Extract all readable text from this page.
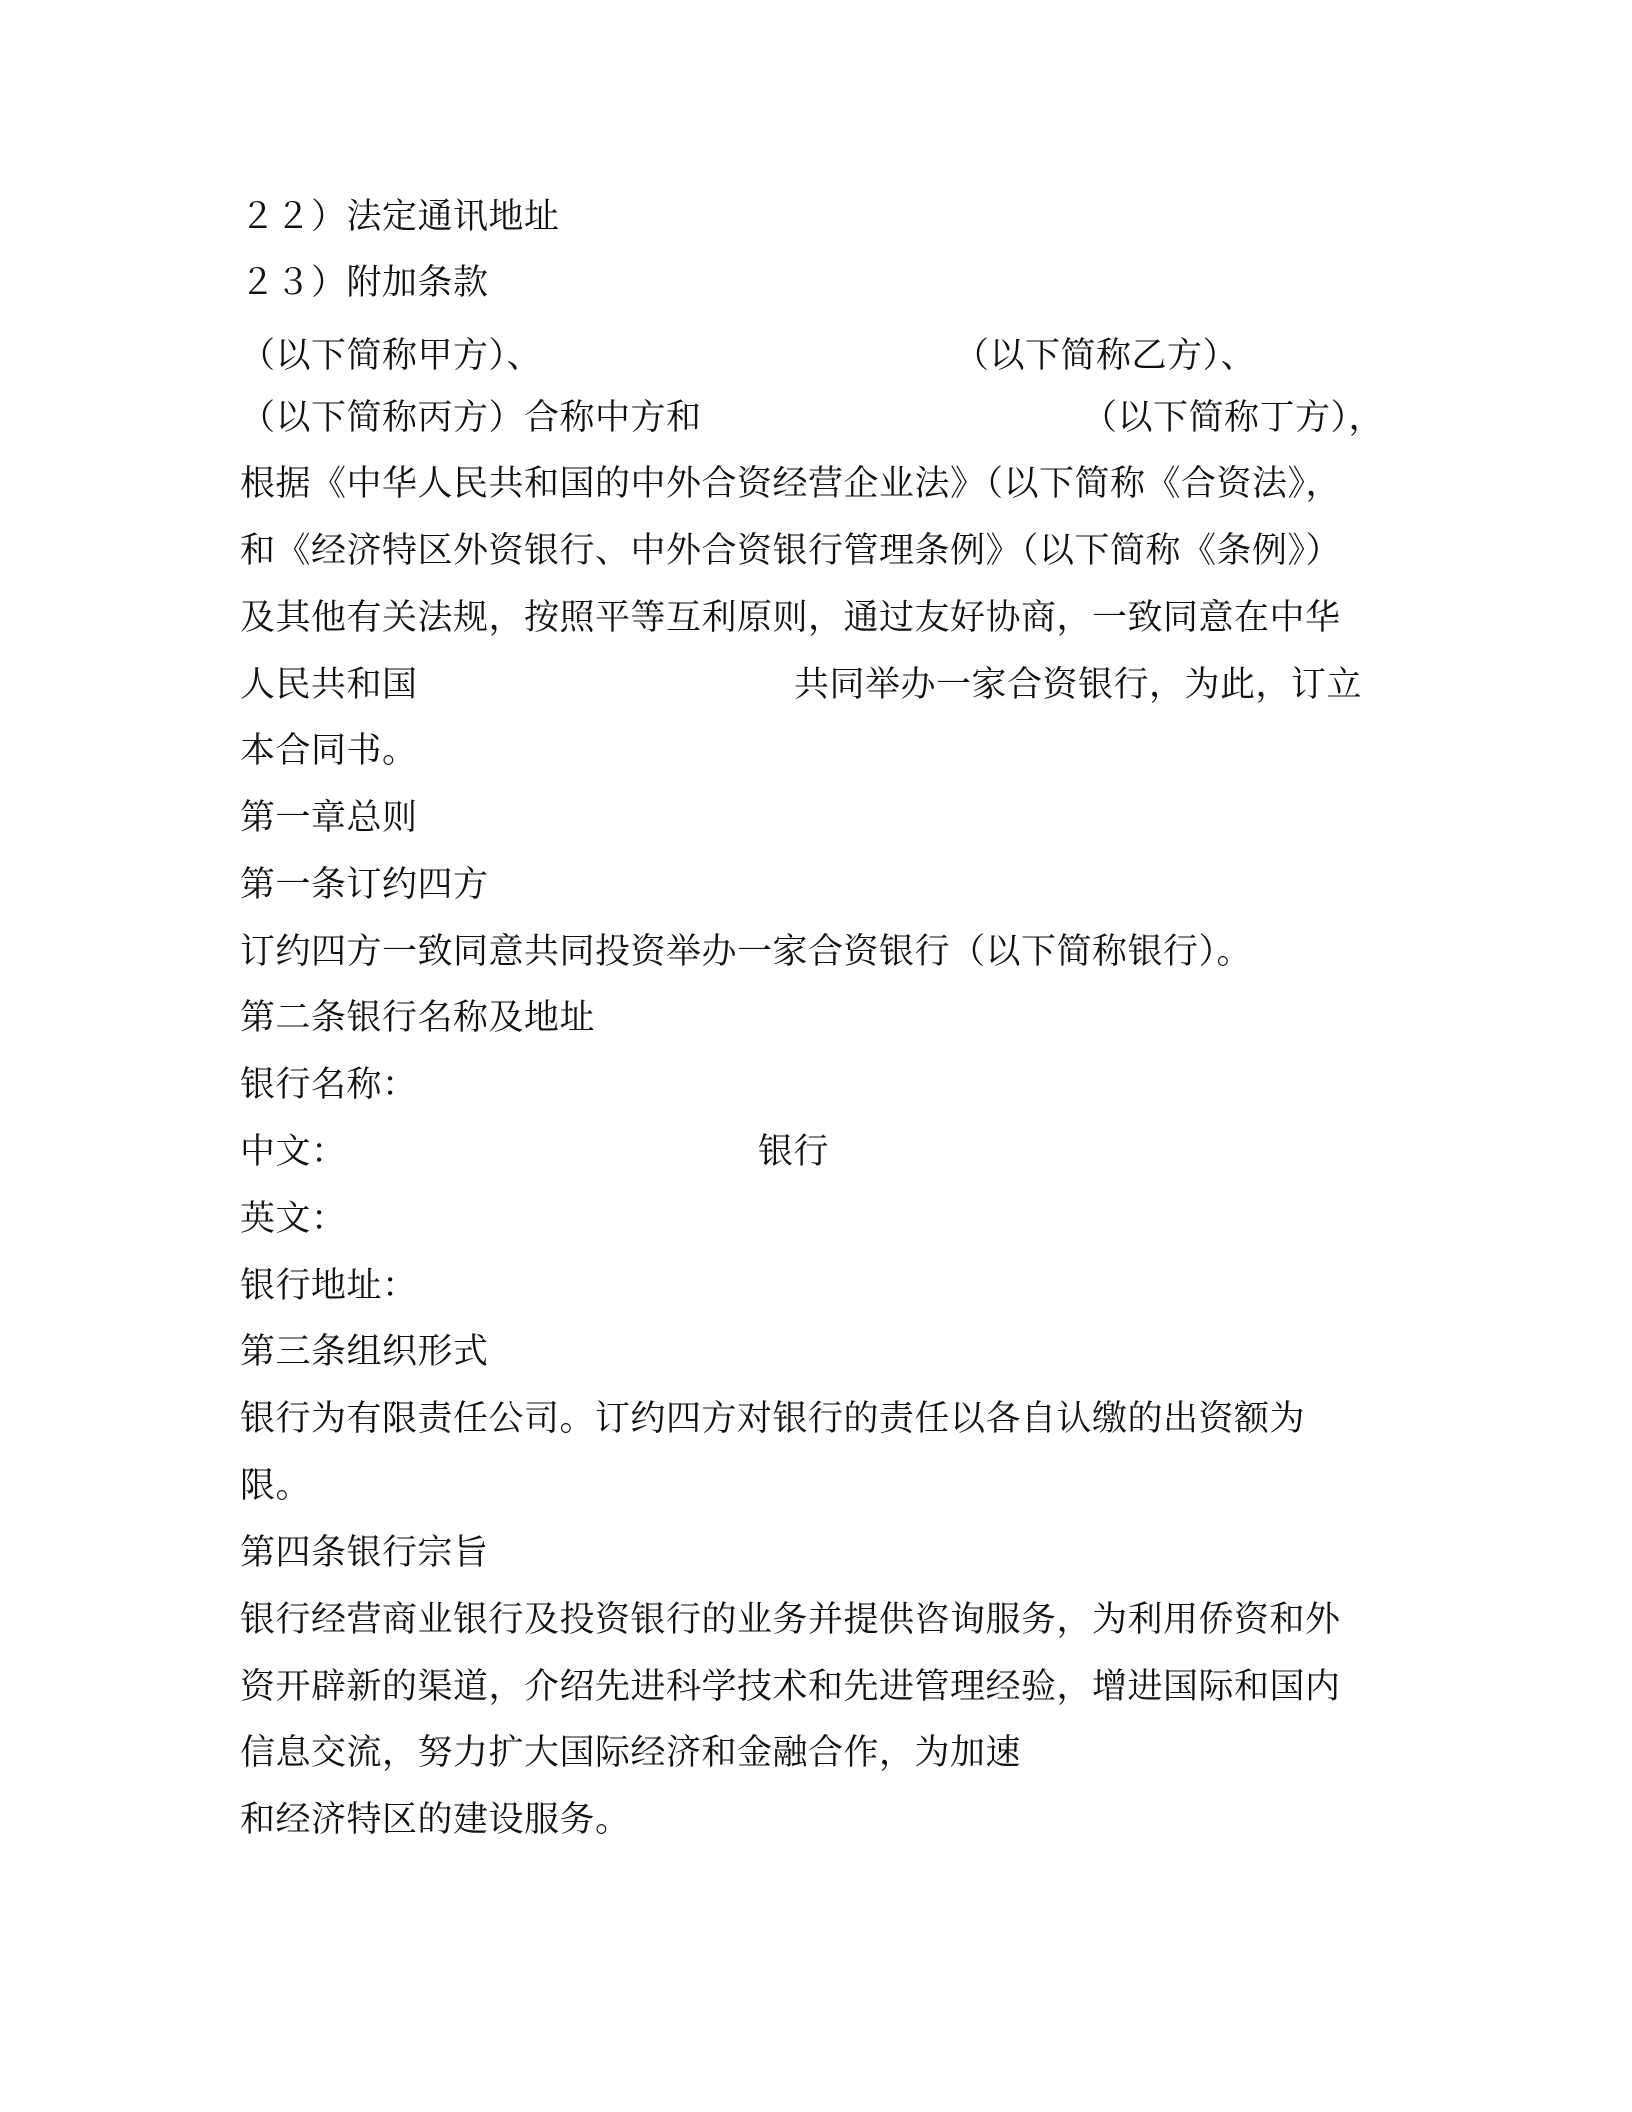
２２）法定通讯地址
２３）附加条款
（以下简称甲方）、	（以下简称乙方）、
（以下简称丙方）合称中方和	（以下简称丁方），
根据《中华人民共和国的中外合资经营企业法》（以下简称《合资法》，
和《经济特区外资银行、中外合资银行管理条例》（以下简称《条例》）
及其他有关法规，按照平等互利原则，通过友好协商，一致同意在中华
人民共和国	共同举办一家合资银行，为此，订立
本合同书。
第一章总则
第一条订约四方
订约四方一致同意共同投资举办一家合资银行（以下简称银行）。
第二条银行名称及地址
银行名称：
中文：	银行
英文：
银行地址：
第三条组织形式
银行为有限责任公司。订约四方对银行的责任以各自认缴的出资额为
限。
第四条银行宗旨
银行经营商业银行及投资银行的业务并提供咨询服务，为利用侨资和外
资开辟新的渠道，介绍先进科学技术和先进管理经验，增进国际和国内
信息交流，努力扩大国际经济和金融合作，为加速
和经济特区的建设服务。
